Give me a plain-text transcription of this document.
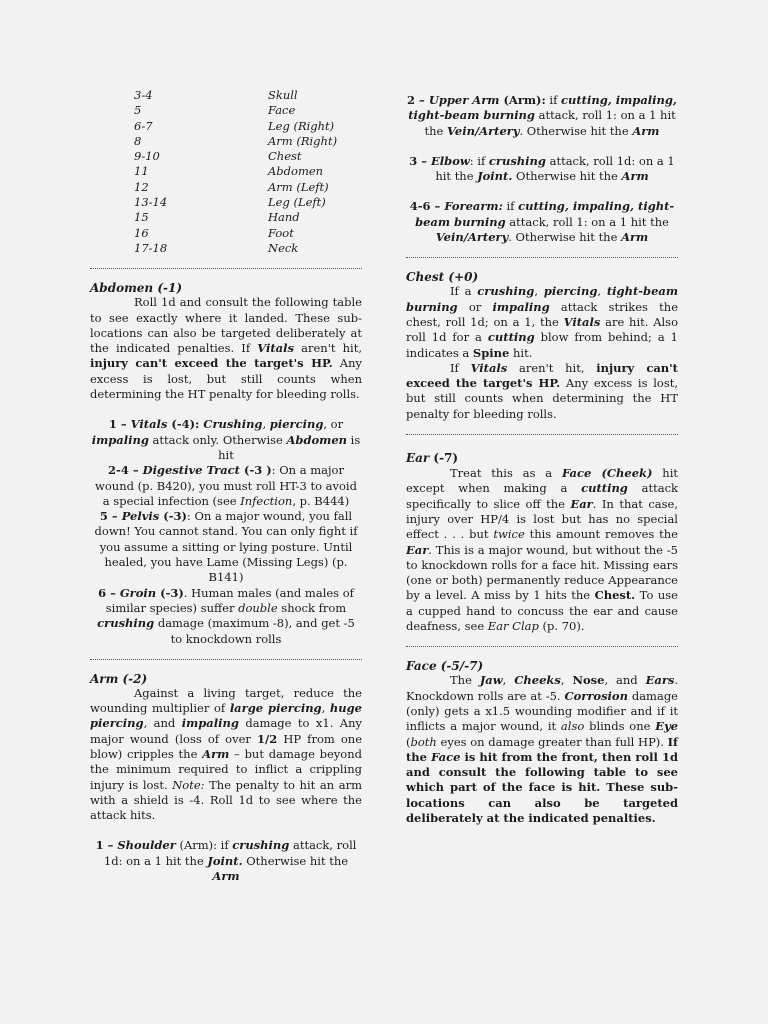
3-4	Skull
5	Face
6-7	Leg (Right)
8	Arm (Right)
9-10	Chest
11	Abdomen
12	Arm (Left)
13-14	Leg (Left)
15	Hand
16	Foot
17-18	Neck
Abdomen (-1)

Roll 1d and consult the following table to see exactly where it landed. These sub-locations can also be targeted deliberately at the indicated penalties. If Vitals aren't hit, injury can't exceed the target's HP. Any excess is lost, but still counts when determining the HT penalty for bleeding rolls.

1 – Vitals (-4): Crushing, piercing, or impaling attack only. Otherwise Abdomen is hit
2-4 – Digestive Tract (-3 ): On a major wound (p. B420), you must roll HT-3 to avoid a special infection (see Infection, p. B444)
5 – Pelvis (-3): On a major wound, you fall down! You cannot stand. You can only fight if you assume a sitting or lying posture. Until healed, you have Lame (Missing Legs) (p. B141)
6 – Groin (-3). Human males (and males of similar species) suffer double shock from crushing damage (maximum -8), and get -5 to knockdown rolls
Arm (-2)

Against a living target, reduce the wounding multiplier of large piercing, huge piercing, and impaling damage to x1. Any major wound (loss of over 1/2 HP from one blow) cripples the Arm – but damage beyond the minimum required to inflict a crippling injury is lost. Note: The penalty to hit an arm with a shield is -4. Roll 1d to see where the attack hits.

1 – Shoulder (Arm): if crushing attack, roll 1d: on a 1 hit the Joint. Otherwise hit the Arm
2 – Upper Arm (Arm): if cutting, impaling, tight-beam burning attack, roll 1: on a 1 hit the Vein/Artery. Otherwise hit the Arm
3 – Elbow: if crushing attack, roll 1d: on a 1 hit the Joint. Otherwise hit the Arm
4-6 – Forearm: if cutting, impaling, tight-beam burning attack, roll 1: on a 1 hit the Vein/Artery. Otherwise hit the Arm
Chest (+0)

If a crushing, piercing, tight-beam burning or impaling attack strikes the chest, roll 1d; on a 1, the Vitals are hit. Also roll 1d for a cutting blow from behind; a 1 indicates a Spine hit.

If Vitals aren't hit, injury can't exceed the target's HP. Any excess is lost, but still counts when determining the HT penalty for bleeding rolls.

Ear (-7)

Treat this as a Face (Cheek) hit except when making a cutting attack specifically to slice off the Ear. In that case, injury over HP/4 is lost but has no special effect . . . but twice this amount removes the Ear. This is a major wound, but without the -5 to knockdown rolls for a face hit. Missing ears (one or both) permanently reduce Appearance by a level. A miss by 1 hits the Chest. To use a cupped hand to concuss the ear and cause deafness, see Ear Clap (p. 70).

Face (-5/-7)

The Jaw, Cheeks, Nose, and Ears. Knockdown rolls are at -5. Corrosion damage (only) gets a x1.5 wounding modifier and if it inflicts a major wound, it also blinds one Eye (both eyes on damage greater than full HP). If the Face is hit from the front, then roll 1d and consult the following table to see which part of the face is hit. These sub-locations can also be targeted deliberately at the indicated penalties.
